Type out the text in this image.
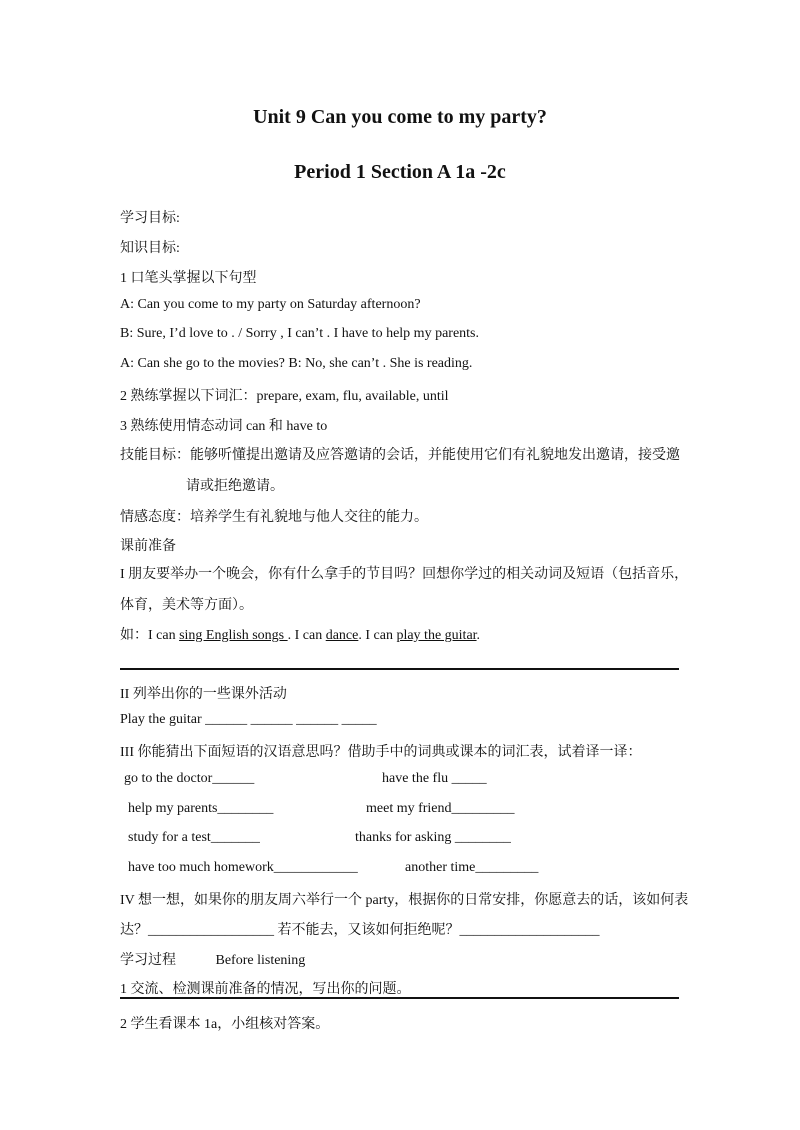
Unit 9 Can you come to my party?
Period 1 Section A 1a -2c
学习目标:
知识目标:
1 口笔头掌握以下句型
A: Can you come to my party on Saturday afternoon?
B: Sure, I’d love to . / Sorry , I can’t . I have to help my parents.
A: Can she go to the movies? B: No, she can’t . She is reading.
2 熟练掌握以下词汇：prepare, exam, flu, available, until
3 熟练使用情态动词 can 和 have to
技能目标：能够听懂提出邀请及应答邀请的会话，并能使用它们有礼貌地发出邀请，接受邀
请或拒绝邀请。
情感态度：培养学生有礼貌地与他人交往的能力。
课前准备
I 朋友要举办一个晚会，你有什么拿手的节目吗？回想你学过的相关动词及短语（包括音乐，
体育，美术等方面）。
如：I can sing English songs . I can dance. I can play the guitar.
II 列举出你的一些课外活动
Play the guitar ______ ______ ______ _____
III 你能猜出下面短语的汉语意思吗？借助手中的词典或课本的词汇表，试着译一译：
go to the doctor______	have the flu _____
help my parents________	meet my friend_________
study for a test_______	thanks for asking ________
have too much homework____________	another time_________
IV 想一想，如果你的朋友周六举行一个 party，根据你的日常安排，你愿意去的话，该如何表
达？__________________ 若不能去，又该如何拒绝呢？____________________
学习过程	Before listening
1 交流、检测课前准备的情况，写出你的问题。
2 学生看课本 1a，小组核对答案。
